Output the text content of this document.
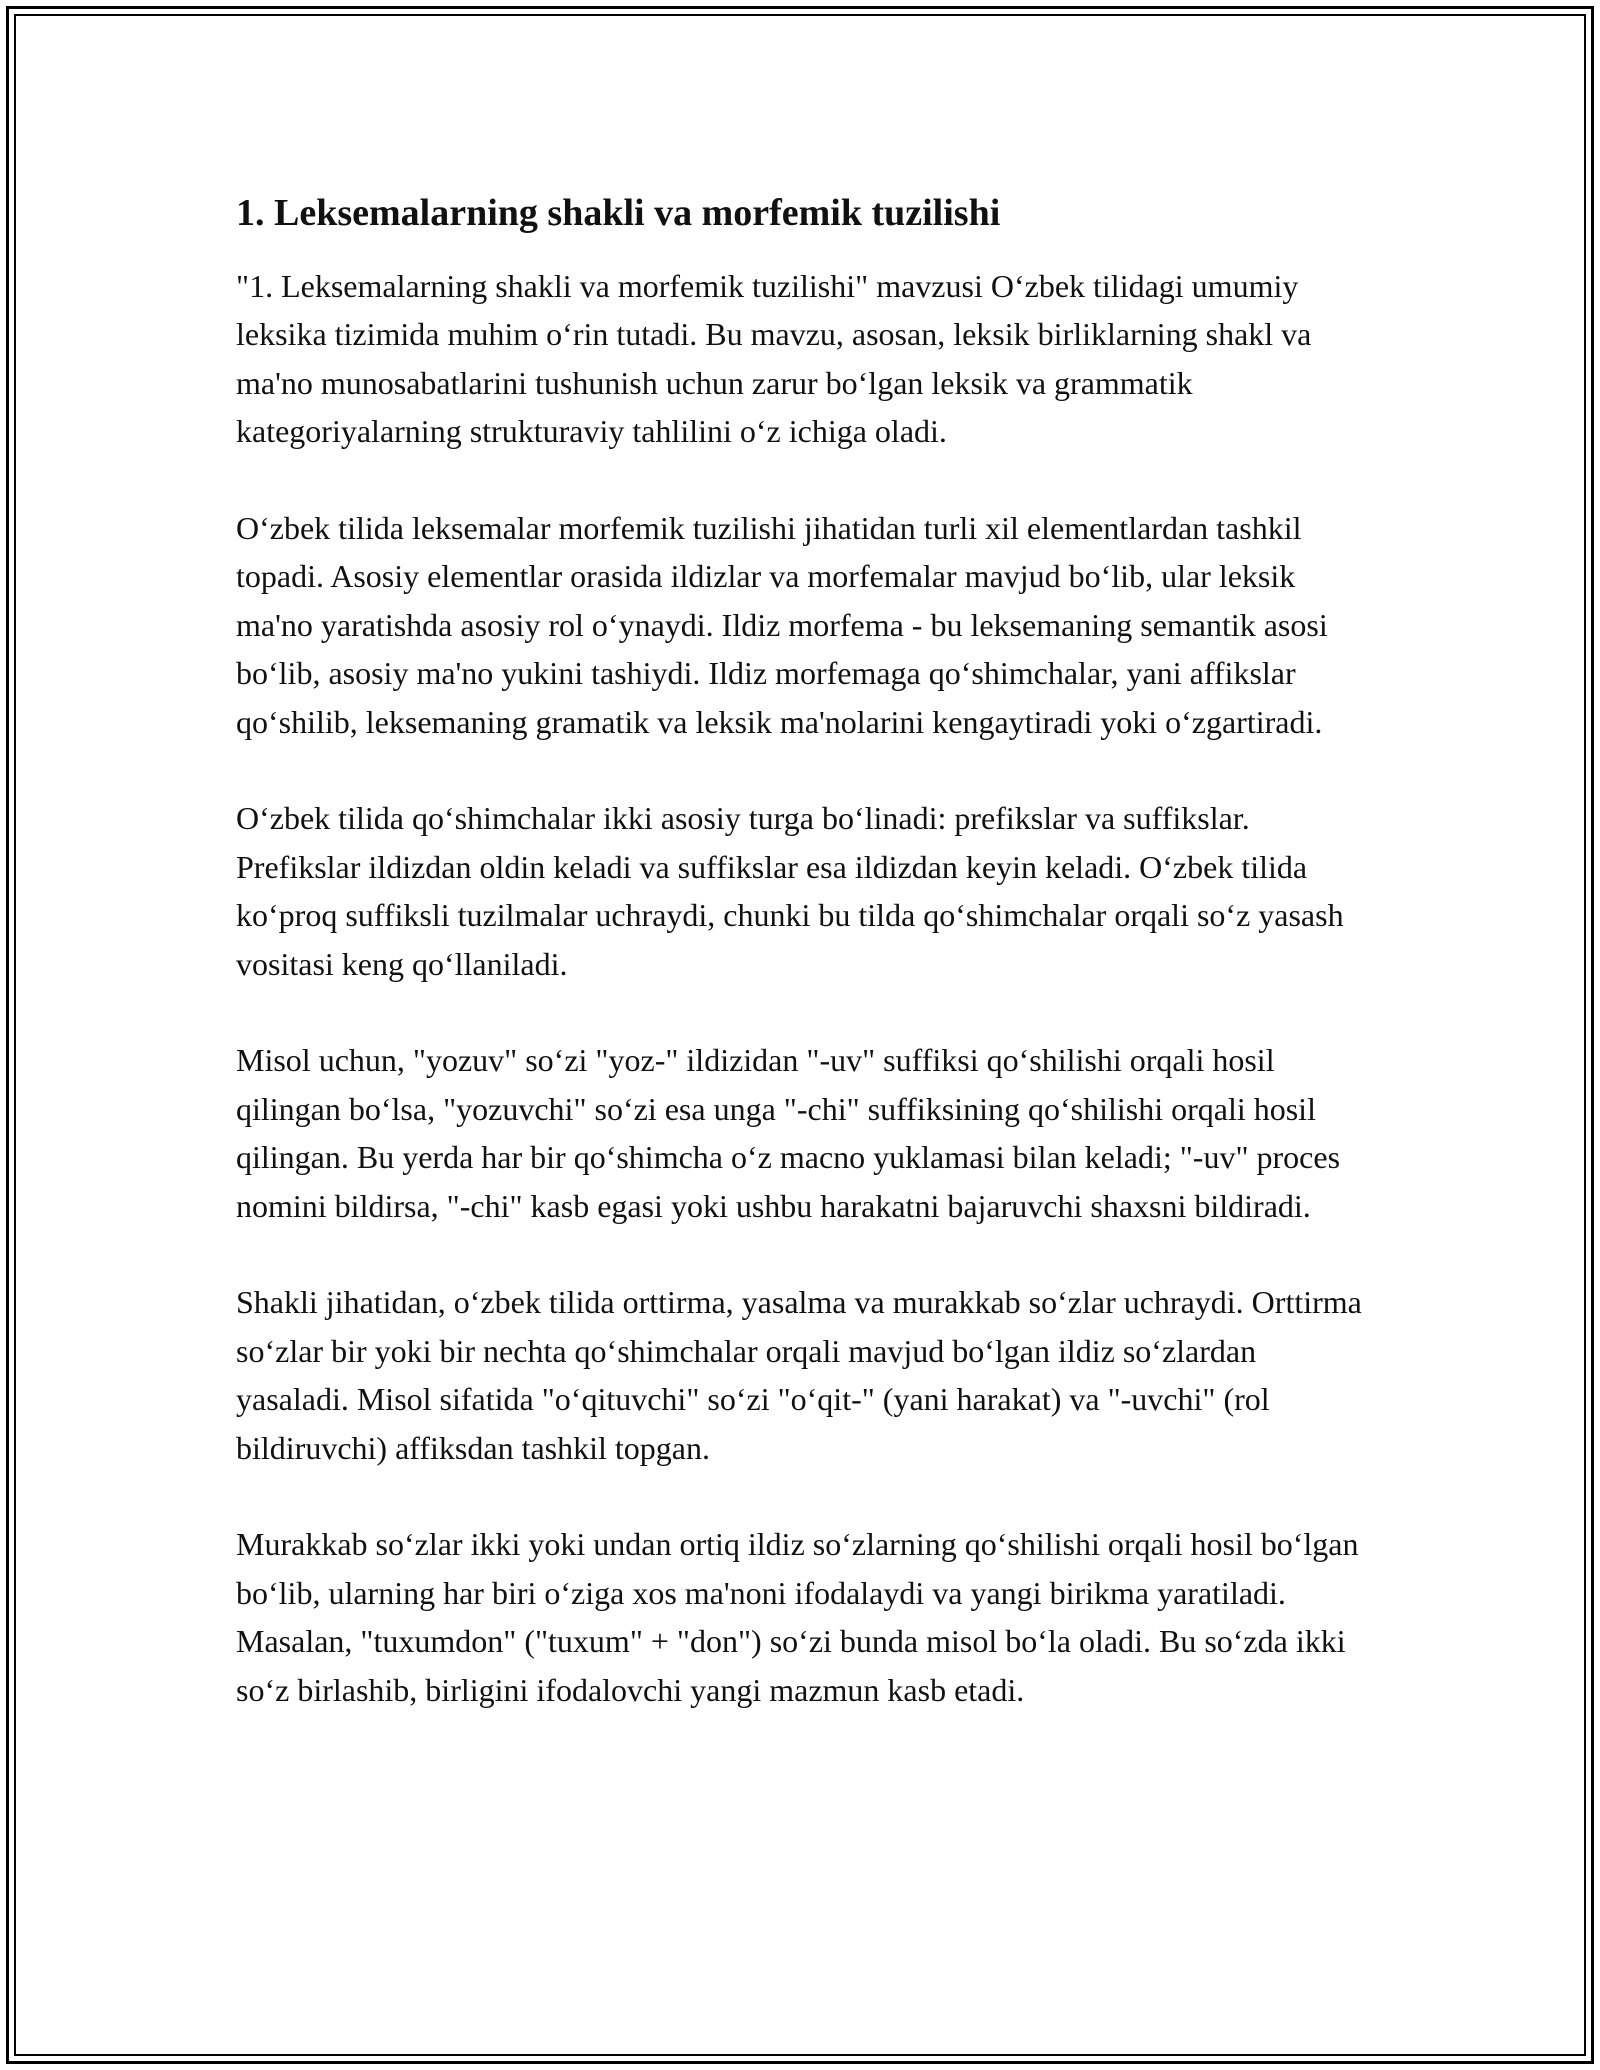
1. Leksemalarning shakli va morfemik tuzilishi

"1. Leksemalarning shakli va morfemik tuzilishi" mavzusi O‘zbek tilidagi umumiy leksika tizimida muhim o‘rin tutadi. Bu mavzu, asosan, leksik birliklarning shakl va ma'no munosabatlarini tushunish uchun zarur bo‘lgan leksik va grammatik kategoriyalarning strukturaviy tahlilini o‘z ichiga oladi.

O‘zbek tilida leksemalar morfemik tuzilishi jihatidan turli xil elementlardan tashkil topadi. Asosiy elementlar orasida ildizlar va morfemalar mavjud bo‘lib, ular leksik ma'no yaratishda asosiy rol o‘ynaydi. Ildiz morfema - bu leksemaning semantik asosi bo‘lib, asosiy ma'no yukini tashiydi. Ildiz morfemaga qo‘shimchalar, yani affikslar qo‘shilib, leksemaning gramatik va leksik ma'nolarini kengaytiradi yoki o‘zgartiradi.

O‘zbek tilida qo‘shimchalar ikki asosiy turga bo‘linadi: prefikslar va suffikslar. Prefikslar ildizdan oldin keladi va suffikslar esa ildizdan keyin keladi. O‘zbek tilida ko‘proq suffiksli tuzilmalar uchraydi, chunki bu tilda qo‘shimchalar orqali so‘z yasash vositasi keng qo‘llaniladi.

Misol uchun, "yozuv" so‘zi "yoz-" ildizidan "-uv" suffiksi qo‘shilishi orqali hosil qilingan bo‘lsa, "yozuvchi" so‘zi esa unga "-chi" suffiksining qo‘shilishi orqali hosil qilingan. Bu yerda har bir qo‘shimcha o‘z macno yuklamasi bilan keladi; "-uv" proces nomini bildirsa, "-chi" kasb egasi yoki ushbu harakatni bajaruvchi shaxsni bildiradi.

Shakli jihatidan, o‘zbek tilida orttirma, yasalma va murakkab so‘zlar uchraydi. Orttirma so‘zlar bir yoki bir nechta qo‘shimchalar orqali mavjud bo‘lgan ildiz so‘zlardan yasaladi. Misol sifatida "o‘qituvchi" so‘zi "o‘qit-" (yani harakat) va "-uvchi" (rol bildiruvchi) affiksdan tashkil topgan.

Murakkab so‘zlar ikki yoki undan ortiq ildiz so‘zlarning qo‘shilishi orqali hosil bo‘lgan bo‘lib, ularning har biri o‘ziga xos ma'noni ifodalaydi va yangi birikma yaratiladi. Masalan, "tuxumdon" ("tuxum" + "don") so‘zi bunda misol bo‘la oladi. Bu so‘zda ikki so‘z birlashib, birligini ifodalovchi yangi mazmun kasb etadi.
